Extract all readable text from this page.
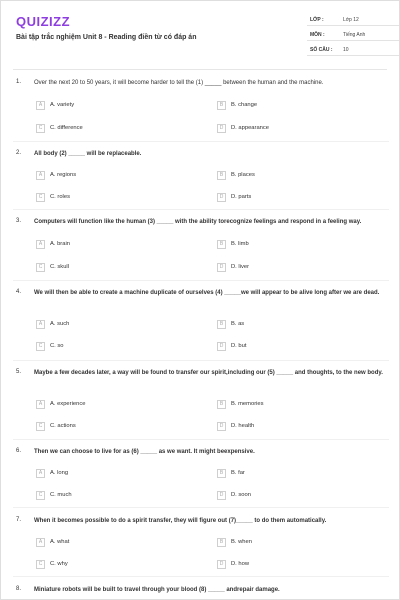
QUIZIZZ
Bài tập trắc nghiệm Unit 8 - Reading điền từ có đáp án
LỚP :	Lớp 12
MÔN :	Tiếng Anh
SỐ CÂU :	10
1. Over the next 20 to 50 years, it will become harder to tell the (1) _____ between the human and the machine.
A	A. variety	B	B. change
C	C. difference	D	D. appearance
2. All body (2) _____ will be replaceable.
A	A. regions	B	B. places
C	C. roles	D	D. parts
3. Computers will function like the human (3) _____ with the ability torecognize feelings and respond in a feeling way.
A	A. brain	B	B. limb
C	C. skull	D	D. liver
4. We will then be able to create a machine duplicate of ourselves (4) _____we will appear to be alive long after we are dead.
A	A. such	B	B. as
C	C. so	D	D. but
5. Maybe a few decades later, a way will be found to transfer our spirit,including our (5) _____ and thoughts, to the new body.
A	A. experience	B	B. memories
C	C. actions	D	D. health
6. Then we can choose to live for as (6) _____ as we want. It might beexpensive.
A	A. long	B	B. far
C	C. much	D	D. soon
7. When it becomes possible to do a spirit transfer, they will figure out (7)_____ to do them automatically.
A	A. what	B	B. when
C	C. why	D	D. how
8. Miniature robots will be built to travel through your blood (8) _____ andrepair damage.
